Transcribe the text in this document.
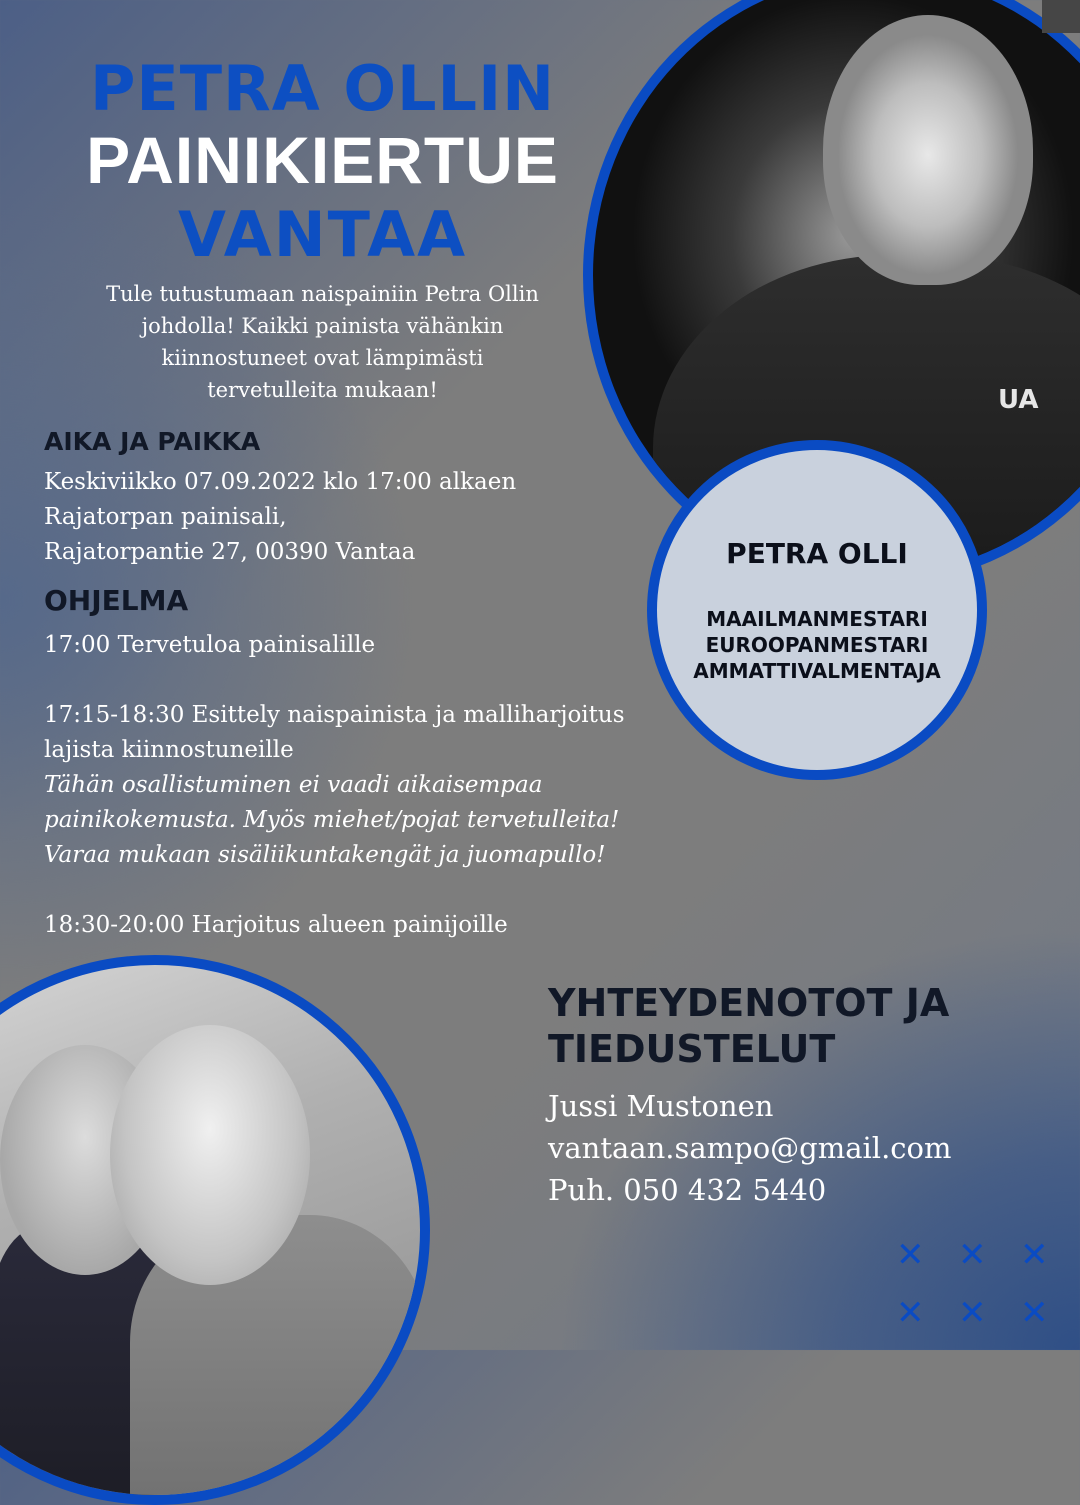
PETRA OLLIN
PAINIKIERTUE
VANTAA

Tule tutustumaan naispainiin Petra Ollin
johdolla! Kaikki painista vähänkin
kiinnostuneet ovat lämpimästi
tervetulleita mukaan!

AIKA JA PAIKKA

Keskiviikko 07.09.2022 klo 17:00 alkaen
Rajatorpan painisali,
Rajatorpantie 27, 00390 Vantaa

OHJELMA

17:00 Tervetuloa painisalille

17:15-18:30 Esittely naispainista ja malliharjoitus
lajista kiinnostuneille

Tähän osallistuminen ei vaadi aikaisempaa
painikokemusta. Myös miehet/pojat tervetulleita!
Varaa mukaan sisäliikuntakengät ja juomapullo!

18:30-20:00 Harjoitus alueen painijoille

UA

PETRA OLLI

MAAILMANMESTARI
EUROOPANMESTARI
AMMATTIVALMENTAJA

YHTEYDENOTOT JA
TIEDUSTELUT

Jussi Mustonen
vantaan.sampo@gmail.com
Puh. 050 432 5440

✕ ✕ ✕
✕ ✕ ✕
